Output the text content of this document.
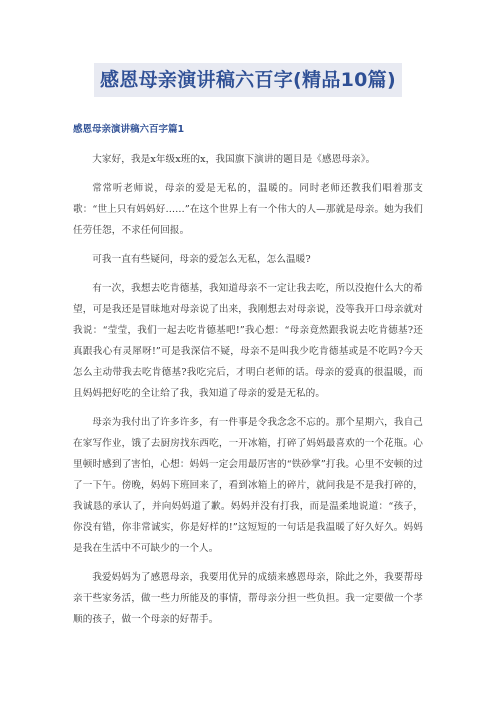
感恩母亲演讲稿六百字(精品10篇)
感恩母亲演讲稿六百字篇1

大家好，我是x年级x班的x，我国旗下演讲的题目是《感恩母亲》。

常常听老师说，母亲的爱是无私的，温暖的。同时老师还教我们唱着那支歌：“世上只有妈妈好……”在这个世界上有一个伟大的人—那就是母亲。她为我们任劳任怨，不求任何回报。

可我一直有些疑问，母亲的爱怎么无私，怎么温暖?

有一次，我想去吃肯德基，我知道母亲不一定让我去吃，所以没抱什么大的希望，可是我还是冒昧地对母亲说了出来，我刚想去对母亲说，没等我开口母亲就对我说：“莹莹，我们一起去吃肯德基吧!”我心想：“母亲竟然跟我说去吃肯德基?还真跟我心有灵犀呀!”可是我深信不疑，母亲不是叫我少吃肯德基或是不吃吗?今天怎么主动带我去吃肯德基?我吃完后，才明白老师的话。母亲的爱真的很温暖，而且妈妈把好吃的全让给了我，我知道了母亲的爱是无私的。

母亲为我付出了许多许多，有一件事是令我念念不忘的。那个星期六，我自己在家写作业，饿了去厨房找东西吃，一开冰箱，打碎了妈妈最喜欢的一个花瓶。心里顿时感到了害怕，心想：妈妈一定会用最厉害的“铁砂掌”打我。心里不安顿的过了一下午。傍晚，妈妈下班回来了，看到冰箱上的碎片，就问我是不是我打碎的，我诚恳的承认了，并向妈妈道了歉。妈妈并没有打我，而是温柔地说道：“孩子，你没有错，你非常诚实，你是好样的!”这短短的一句话是我温暖了好久好久。妈妈是我在生活中不可缺少的一个人。

我爱妈妈为了感恩母亲，我要用优异的成绩来感恩母亲，除此之外，我要帮母亲干些家务活，做一些力所能及的事情，帮母亲分担一些负担。我一定要做一个孝顺的孩子，做一个母亲的好帮手。
